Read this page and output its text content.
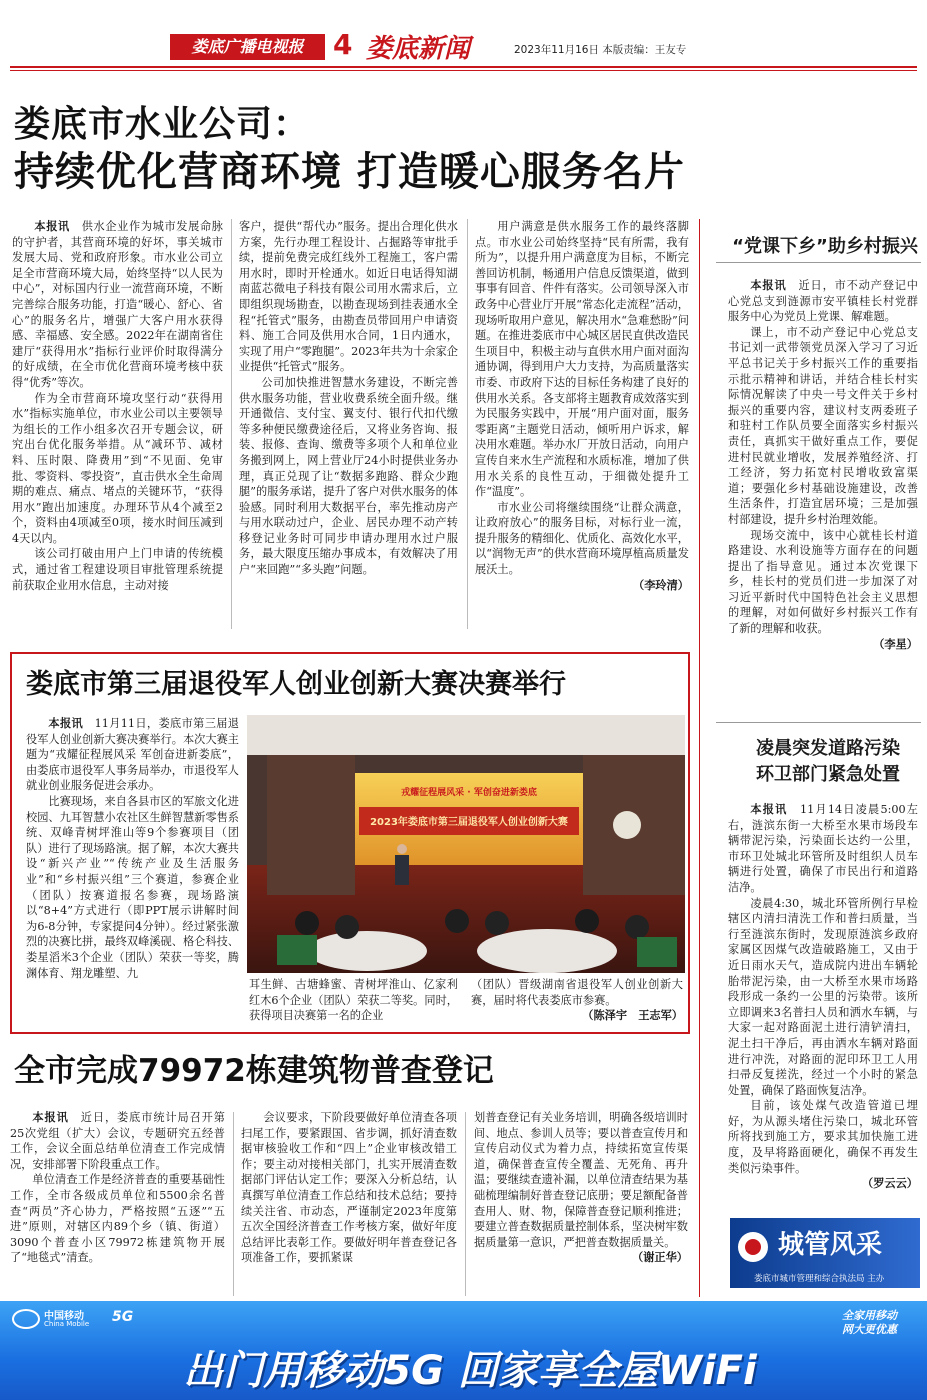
娄底广播电视报	4 娄底新闻	2023年11月16日 本版责编：王友专
娄底市水业公司：
持续优化营商环境 打造暖心服务名片

本报讯　 供水企业作为城市发展命脉的守护者，其营商环境的好坏，事关城市发展大局、党和政府形象。市水业公司立足全市营商环境大局，始终坚持“以人民为中心”，对标国内行业一流营商环境，不断完善综合服务功能，打造“暖心、舒心、省心”的服务名片，增强广大客户用水获得感、幸福感、安全感。2022年在湖南省住建厅“获得用水”指标行业评价时取得满分的好成绩，在全市优化营商环境考核中获得“优秀”等次。

作为全市营商环境攻坚行动“获得用水”指标实施单位，市水业公司以主要领导为组长的工作小组多次召开专题会议，研究出台优化服务举措。从“减环节、减材料、压时限、降费用”到“不见面、免审批、零资料、零投资”，直击供水全生命周期的难点、痛点、堵点的关键环节，“获得用水”跑出加速度。办理环节从4个减至2个，资料由4项减至0项，接水时间压减到4天以内。

该公司打破由用户上门申请的传统模式，通过省工程建设项目审批管理系统提前获取企业用水信息，主动对接

客户，提供“帮代办”服务。提出合理化供水方案，先行办理工程设计、占掘路等审批手续，提前免费完成红线外工程施工，客户需用水时，即时开栓通水。如近日电话得知湖南蓝芯微电子科技有限公司用水需求后，立即组织现场勘查，以勘查现场到挂表通水全程“托管式”服务，由勘查员带回用户申请资料、施工合同及供用水合同，1日内通水，实现了用户“零跑腿”。2023年共为十余家企业提供“托管式”服务。

公司加快推进智慧水务建设，不断完善供水服务功能，营业收费系统全面升级。继开通微信、支付宝、翼支付、银行代扣代缴等多种便民缴费途径后，又将业务咨询、报装、报修、查询、缴费等多项个人和单位业务搬到网上，网上营业厅24小时提供业务办理，真正兑现了让“数据多跑路、群众少跑腿”的服务承诺，提升了客户对供水服务的体验感。同时利用大数据平台，率先推动房产与用水联动过户，企业、居民办理不动产转移登记业务时可同步申请办理用水过户服务，最大限度压缩办事成本，有效解决了用户“来回跑”“多头跑”问题。

用户满意是供水服务工作的最终落脚点。市水业公司始终坚持“民有所需，我有所为”，以提升用户满意度为目标，不断完善回访机制，畅通用户信息反馈渠道，做到事事有回音、件件有落实。公司领导深入市政务中心营业厅开展“常态化走流程”活动，现场听取用户意见，解决用水“急难愁盼”问题。在推进娄底市中心城区居民直供改造民生项目中，积极主动与直供水用户面对面沟通协调，得到用户大力支持，为高质量落实市委、市政府下达的目标任务构建了良好的供用水关系。各支部将主题教育成效落实到为民服务实践中，开展“用户面对面，服务零距离”主题党日活动，倾听用户诉求，解决用水难题。举办水厂开放日活动，向用户宣传自来水生产流程和水质标准，增加了供用水关系的良性互动，于细微处提升工作“温度”。

市水业公司将继续围绕“让群众满意，让政府放心”的服务目标，对标行业一流，提升服务的精细化、优质化、高效化水平，以“润物无声”的供水营商环境厚植高质量发展沃土。

（李玲清）

娄底市第三届退役军人创业创新大赛决赛举行

本报讯　 11月11日，娄底市第三届退役军人创业创新大赛决赛举行。本次大赛主题为“戎耀征程展风采 军创奋进新娄底”，由娄底市退役军人事务局举办，市退役军人就业创业服务促进会承办。

比赛现场，来自各县市区的军旅文化进校园、九耳智慧小农社区生鲜智慧新零售系统、双峰青树坪淮山等9个参赛项目（团队）进行了现场路演。据了解，本次大赛共设“新兴产业”“传统产业及生活服务业”和“乡村振兴组”三个赛道，参赛企业（团队）按赛道报名参赛，现场路演以“8+4”方式进行（即PPT展示讲解时间为6-8分钟，专家提问4分钟）。经过紧张激烈的决赛比拼，最终双峰溪砚、格仑科技、娄星滔米3个企业（团队）荣获一等奖，腾渊体育、翔龙雕塑、九

戎耀征程展风采 · 军创奋进新娄底
2023年娄底市第三届退役军人创业创新大赛

耳生鲜、古塘蜂蜜、青树坪淮山、亿家利红木6个企业（团队）荣获二等奖。同时，获得项目决赛第一名的企业

（团队）晋级湖南省退役军人创业创新大赛，届时将代表娄底市参赛。

（陈泽宇　王志军）

全市完成79972栋建筑物普查登记

本报讯　 近日，娄底市统计局召开第25次党组（扩大）会议，专题研究五经普工作，会议全面总结单位清查工作完成情况，安排部署下阶段重点工作。

单位清查工作是经济普查的重要基础性工作，全市各级成员单位和5500余名普查“两员”齐心协力，严格按照“五逐”“五进”原则，对辖区内89个乡（镇、街道）3090个普查小区79972栋建筑物开展了“地毯式”清查。

会议要求，下阶段要做好单位清查各项扫尾工作，要紧跟国、省步调，抓好清查数据审核验收工作和“四上”企业审核改错工作；要主动对接相关部门，扎实开展清查数据部门评估认定工作；要深入分析总结，认真撰写单位清查工作总结和技术总结；要持续关注省、市动态，严谨制定2023年度第五次全国经济普查工作考核方案，做好年度总结评比表彰工作。要做好明年普查登记各项准备工作，要抓紧谋

划普查登记有关业务培训，明确各级培训时间、地点、参训人员等；要以普查宣传月和宣传启动仪式为着力点，持续拓宽宣传渠道，确保普查宣传全覆盖、无死角、再升温；要继续查遗补漏，以单位清查结果为基础梳理编制好普查登记底册；要足额配备普查用人、财、物，保障普查登记顺利推进；要建立普查数据质量控制体系，坚决树牢数据质量第一意识，严把普查数据质量关。

（谢正华）

“党课下乡”助乡村振兴

本报讯　 近日，市不动产登记中心党总支到涟源市安平镇桂长村党群服务中心为党员上党课、解难题。

课上，市不动产登记中心党总支书记刘一武带领党员深入学习了习近平总书记关于乡村振兴工作的重要指示批示精神和讲话，并结合桂长村实际情况解读了中央一号文件关于乡村振兴的重要内容，建议村支两委班子和驻村工作队员要全面落实乡村振兴责任，真抓实干做好重点工作，要促进村民就业增收，发展养殖经济、打工经济，努力拓宽村民增收致富渠道；要强化乡村基础设施建设，改善生活条件，打造宜居环境；三是加强村部建设，提升乡村治理效能。

现场交流中，该中心就桂长村道路建设、水利设施等方面存在的问题提出了指导意见。通过本次党课下乡，桂长村的党员们进一步加深了对习近平新时代中国特色社会主义思想的理解，对如何做好乡村振兴工作有了新的理解和收获。

（李星）

凌晨突发道路污染
环卫部门紧急处置

本报讯　 11月14日凌晨5:00左右，涟滨东街一大桥至水果市场段车辆带泥污染，污染面长达约一公里，市环卫处城北环管所及时组织人员车辆进行处置，确保了市民出行和道路洁净。

凌晨4:30，城北环管所例行早检辖区内清扫清洗工作和普扫质量，当行至涟滨东街时，发现原涟滨乡政府家属区因煤气改造破路施工，又由于近日雨水天气，造成院内进出车辆轮胎带泥污染，由一大桥至水果市场路段形成一条约一公里的污染带。该所立即调来3名普扫人员和洒水车辆，与大家一起对路面泥土进行清铲清扫，泥土扫干净后，再由洒水车辆对路面进行冲洗，对路面的泥印环卫工人用扫帚反复搓洗，经过一个小时的紧急处置，确保了路面恢复洁净。

目前，该处煤气改造管道已埋好，为从源头堵住污染口，城北环管所将找到施工方，要求其加快施工进度，及早将路面硬化，确保不再发生类似污染事件。

（罗云云）

城管风采
娄底市城市管理和综合执法局 主办
中国移动
China Mobile 5G	全家用移动
网大更优惠
出门用移动5G 回家享全屋WiFi
